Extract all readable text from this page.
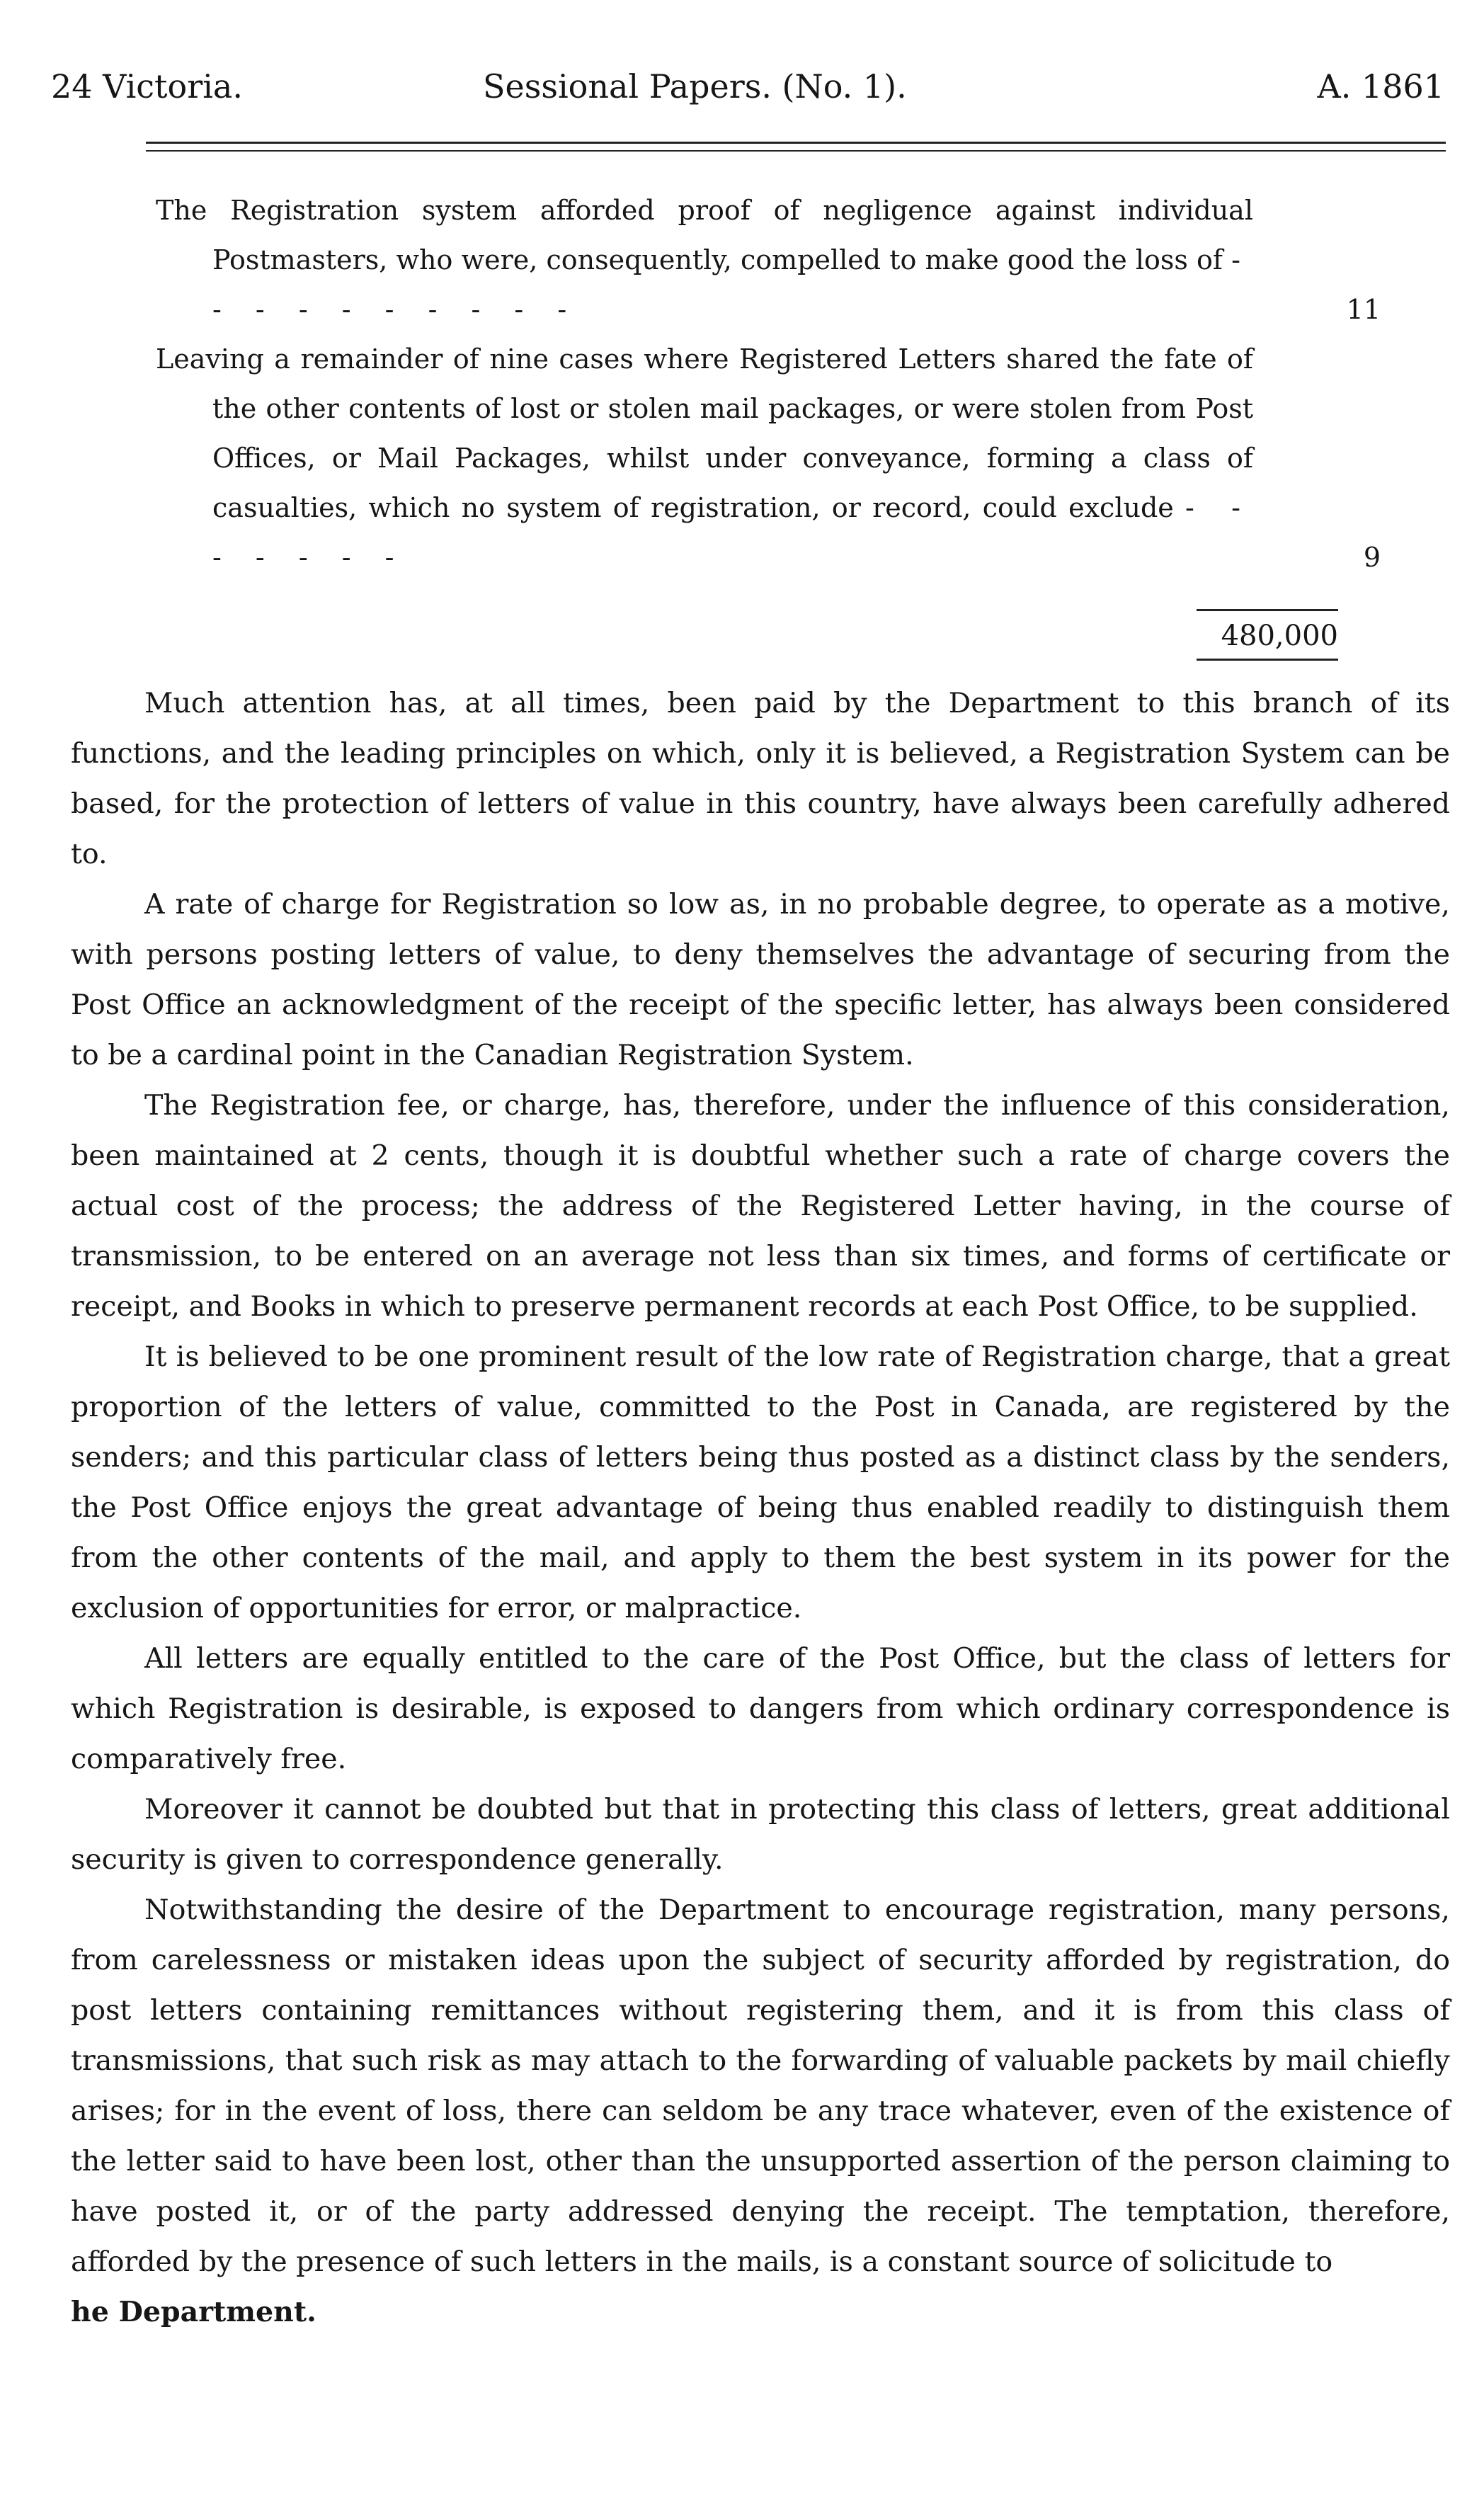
24 Victoria.	Sessional Papers. (No. 1).	A. 1861
The Registration system afforded proof of negligence against individual Postmasters, who were, consequently, compelled to make good the loss of - - - - - - - - - -	11
Leaving a remainder of nine cases where Registered Letters shared the fate of the other contents of lost or stolen mail packages, or were stolen from Post Offices, or Mail Packages, whilst under conveyance, forming a class of casualties, which no system of registration, or record, could exclude - - - - - - -	9
480,000

Much attention has, at all times, been paid by the Department to this branch of its functions, and the leading principles on which, only it is believed, a Registration System can be based, for the protection of letters of value in this country, have always been carefully adhered to.

A rate of charge for Registration so low as, in no probable degree, to operate as a motive, with persons posting letters of value, to deny themselves the advantage of securing from the Post Office an acknowledgment of the receipt of the specific letter, has always been considered to be a cardinal point in the Canadian Registration System.

The Registration fee, or charge, has, therefore, under the influence of this consideration, been maintained at 2 cents, though it is doubtful whether such a rate of charge covers the actual cost of the process; the address of the Registered Letter having, in the course of transmission, to be entered on an average not less than six times, and forms of certificate or receipt, and Books in which to preserve permanent records at each Post Office, to be supplied.

It is believed to be one prominent result of the low rate of Registration charge, that a great proportion of the letters of value, committed to the Post in Canada, are registered by the senders; and this particular class of letters being thus posted as a distinct class by the senders, the Post Office enjoys the great advantage of being thus enabled readily to distinguish them from the other contents of the mail, and apply to them the best system in its power for the exclusion of opportunities for error, or malpractice.

All letters are equally entitled to the care of the Post Office, but the class of letters for which Registration is desirable, is exposed to dangers from which ordinary correspondence is comparatively free.

Moreover it cannot be doubted but that in protecting this class of letters, great additional security is given to correspondence generally.

Notwithstanding the desire of the Department to encourage registration, many persons, from carelessness or mistaken ideas upon the subject of security afforded by registration, do post letters containing remittances without registering them, and it is from this class of transmissions, that such risk as may attach to the forwarding of valuable packets by mail chiefly arises; for in the event of loss, there can seldom be any trace whatever, even of the existence of the letter said to have been lost, other than the unsupported assertion of the person claiming to have posted it, or of the party addressed denying the receipt. The temptation, therefore, afforded by the presence of such letters in the mails, is a constant source of solicitude to

he Department.
